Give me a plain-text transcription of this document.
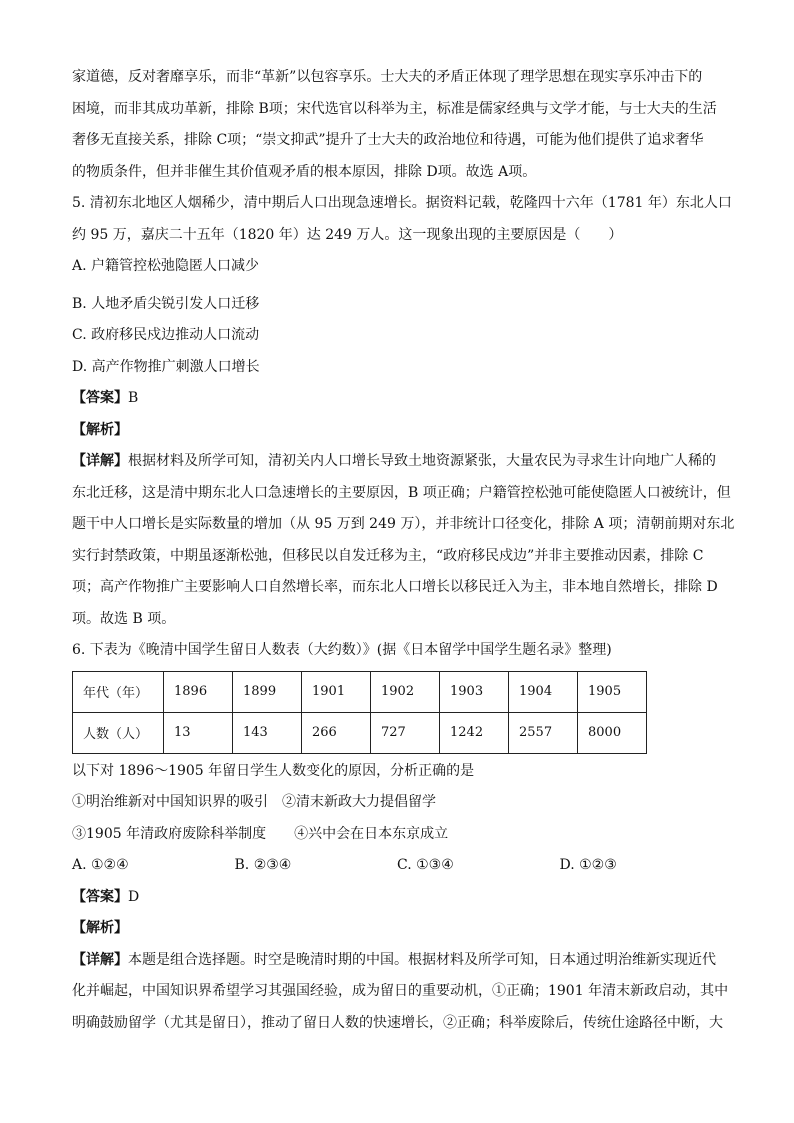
家道德，反对奢靡享乐，而非“革新”以包容享乐。士大夫的矛盾正体现了理学思想在现实享乐冲击下的
困境，而非其成功革新，排除 B项；宋代选官以科举为主，标准是儒家经典与文学才能，与士大夫的生活
奢侈无直接关系，排除 C项；“崇文抑武”提升了士大夫的政治地位和待遇，可能为他们提供了追求奢华
的物质条件，但并非催生其价值观矛盾的根本原因，排除 D项。故选 A项。
5. 清初东北地区人烟稀少，清中期后人口出现急速增长。据资料记载，乾隆四十六年（1781 年）东北人口
约 95 万，嘉庆二十五年（1820 年）达 249 万人。这一现象出现的主要原因是（　　）
A. 户籍管控松弛隐匿人口减少
B. 人地矛盾尖锐引发人口迁移
C. 政府移民戍边推动人口流动
D. 高产作物推广刺激人口增长
【答案】B
【解析】
【详解】根据材料及所学可知，清初关内人口增长导致土地资源紧张，大量农民为寻求生计向地广人稀的
东北迁移，这是清中期东北人口急速增长的主要原因，B 项正确；户籍管控松弛可能使隐匿人口被统计，但
题干中人口增长是实际数量的增加（从 95 万到 249 万），并非统计口径变化，排除 A 项；清朝前期对东北
实行封禁政策，中期虽逐渐松弛，但移民以自发迁移为主，“政府移民戍边”并非主要推动因素，排除 C
项；高产作物推广主要影响人口自然增长率，而东北人口增长以移民迁入为主，非本地自然增长，排除 D
项。故选 B 项。
6. 下表为《晚清中国学生留日人数表（大约数）》(据《日本留学中国学生题名录》整理)
年代（年）	1896	1899	1901	1902	1903	1904	1905
人数（人）	13	143	266	727	1242	2557	8000
以下对 1896～1905 年留日学生人数变化的原因，分析正确的是
①明治维新对中国知识界的吸引　②清末新政大力提倡留学
③1905 年清政府废除科举制度　　④兴中会在日本东京成立
A. ①②④	B. ②③④	C. ①③④	D. ①②③
【答案】D
【解析】
【详解】本题是组合选择题。时空是晚清时期的中国。根据材料及所学可知，日本通过明治维新实现近代
化并崛起，中国知识界希望学习其强国经验，成为留日的重要动机，①正确；1901 年清末新政启动，其中
明确鼓励留学（尤其是留日），推动了留日人数的快速增长，②正确；科举废除后，传统仕途路径中断，大
